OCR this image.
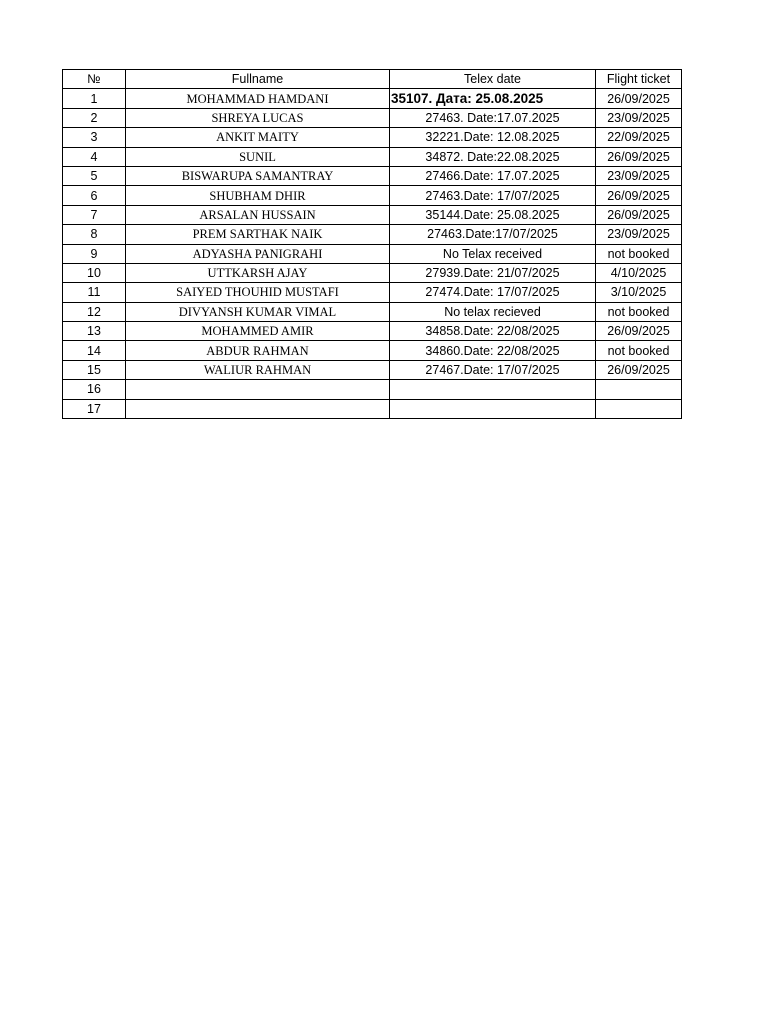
№	Fullname	Telex date	Flight ticket
1	MOHAMMAD HAMDANI	35107. Дата: 25.08.2025	26/09/2025
2	SHREYA LUCAS	27463. Date:17.07.2025	23/09/2025
3	ANKIT MAITY	32221.Date: 12.08.2025	22/09/2025
4	SUNIL	34872. Date:22.08.2025	26/09/2025
5	BISWARUPA SAMANTRAY	27466.Date: 17.07.2025	23/09/2025
6	SHUBHAM DHIR	27463.Date: 17/07/2025	26/09/2025
7	ARSALAN HUSSAIN	35144.Date: 25.08.2025	26/09/2025
8	PREM SARTHAK NAIK	27463.Date:17/07/2025	23/09/2025
9	ADYASHA PANIGRAHI	No Telax received	not booked
10	UTTKARSH AJAY	27939.Date: 21/07/2025	4/10/2025
11	SAIYED THOUHID MUSTAFI	27474.Date: 17/07/2025	3/10/2025
12	DIVYANSH KUMAR VIMAL	No telax recieved	not booked
13	MOHAMMED AMIR	34858.Date: 22/08/2025	26/09/2025
14	ABDUR RAHMAN	34860.Date: 22/08/2025	not booked
15	WALIUR RAHMAN	27467.Date: 17/07/2025	26/09/2025
16			
17			
